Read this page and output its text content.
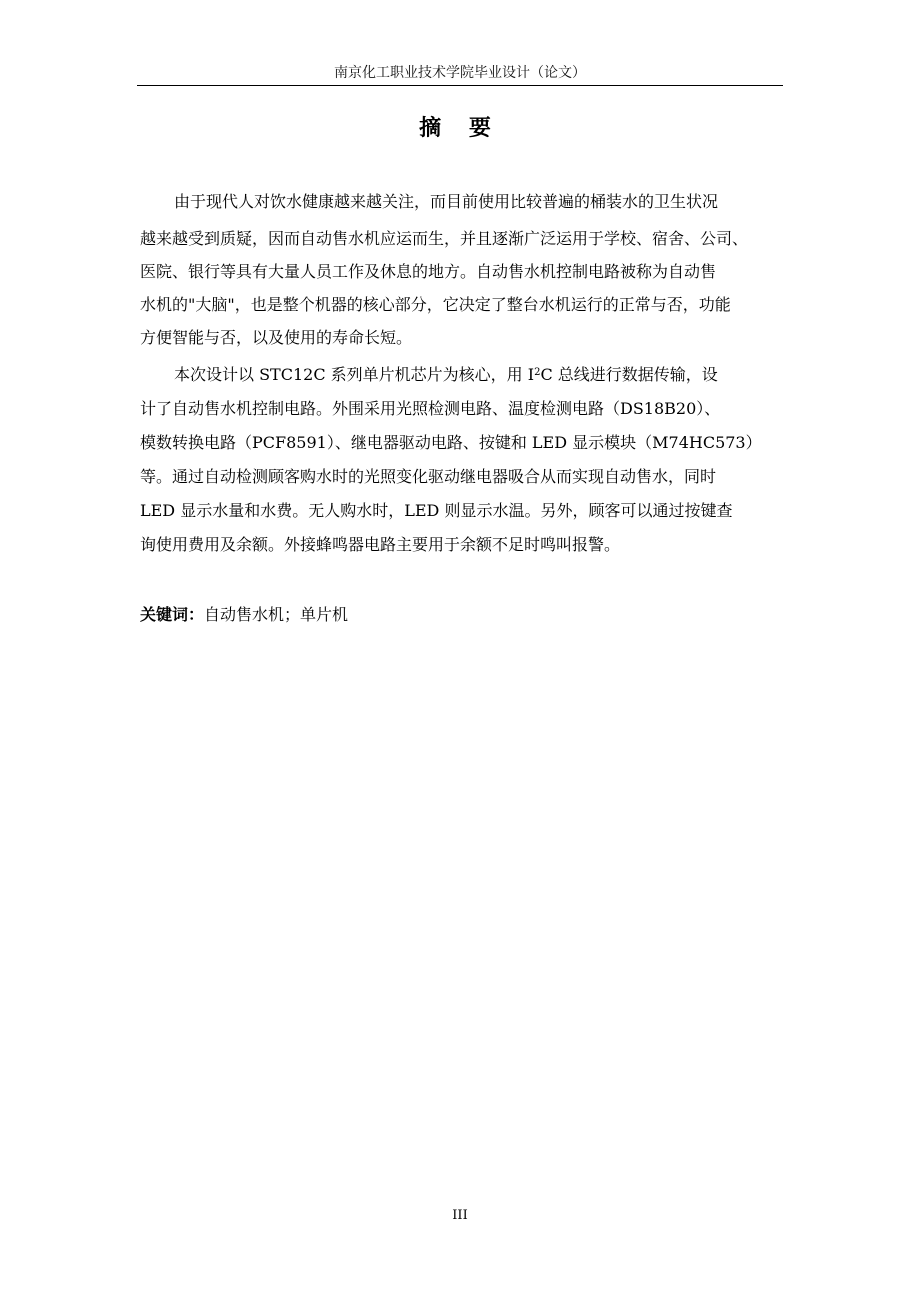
南京化工职业技术学院毕业设计（论文）
摘 要
由于现代人对饮水健康越来越关注，而目前使用比较普遍的桶装水的卫生状况
越来越受到质疑，因而自动售水机应运而生，并且逐渐广泛运用于学校、宿舍、公司、
医院、银行等具有大量人员工作及休息的地方。自动售水机控制电路被称为自动售
水机的"大脑"，也是整个机器的核心部分，它决定了整台水机运行的正常与否，功能
方便智能与否，以及使用的寿命长短。
本次设计以 STC12C 系列单片机芯片为核心，用 $I^2C$ 总线进行数据传输，设
计了自动售水机控制电路。外围采用光照检测电路、温度检测电路（DS18B20）、
模数转换电路（PCF8591）、继电器驱动电路、按键和 LED 显示模块（M74HC573）
等。通过自动检测顾客购水时的光照变化驱动继电器吸合从而实现自动售水，同时
LED 显示水量和水费。无人购水时，LED 则显示水温。另外，顾客可以通过按键查
询使用费用及余额。外接蜂鸣器电路主要用于余额不足时鸣叫报警。
关键词：自动售水机；单片机
III
